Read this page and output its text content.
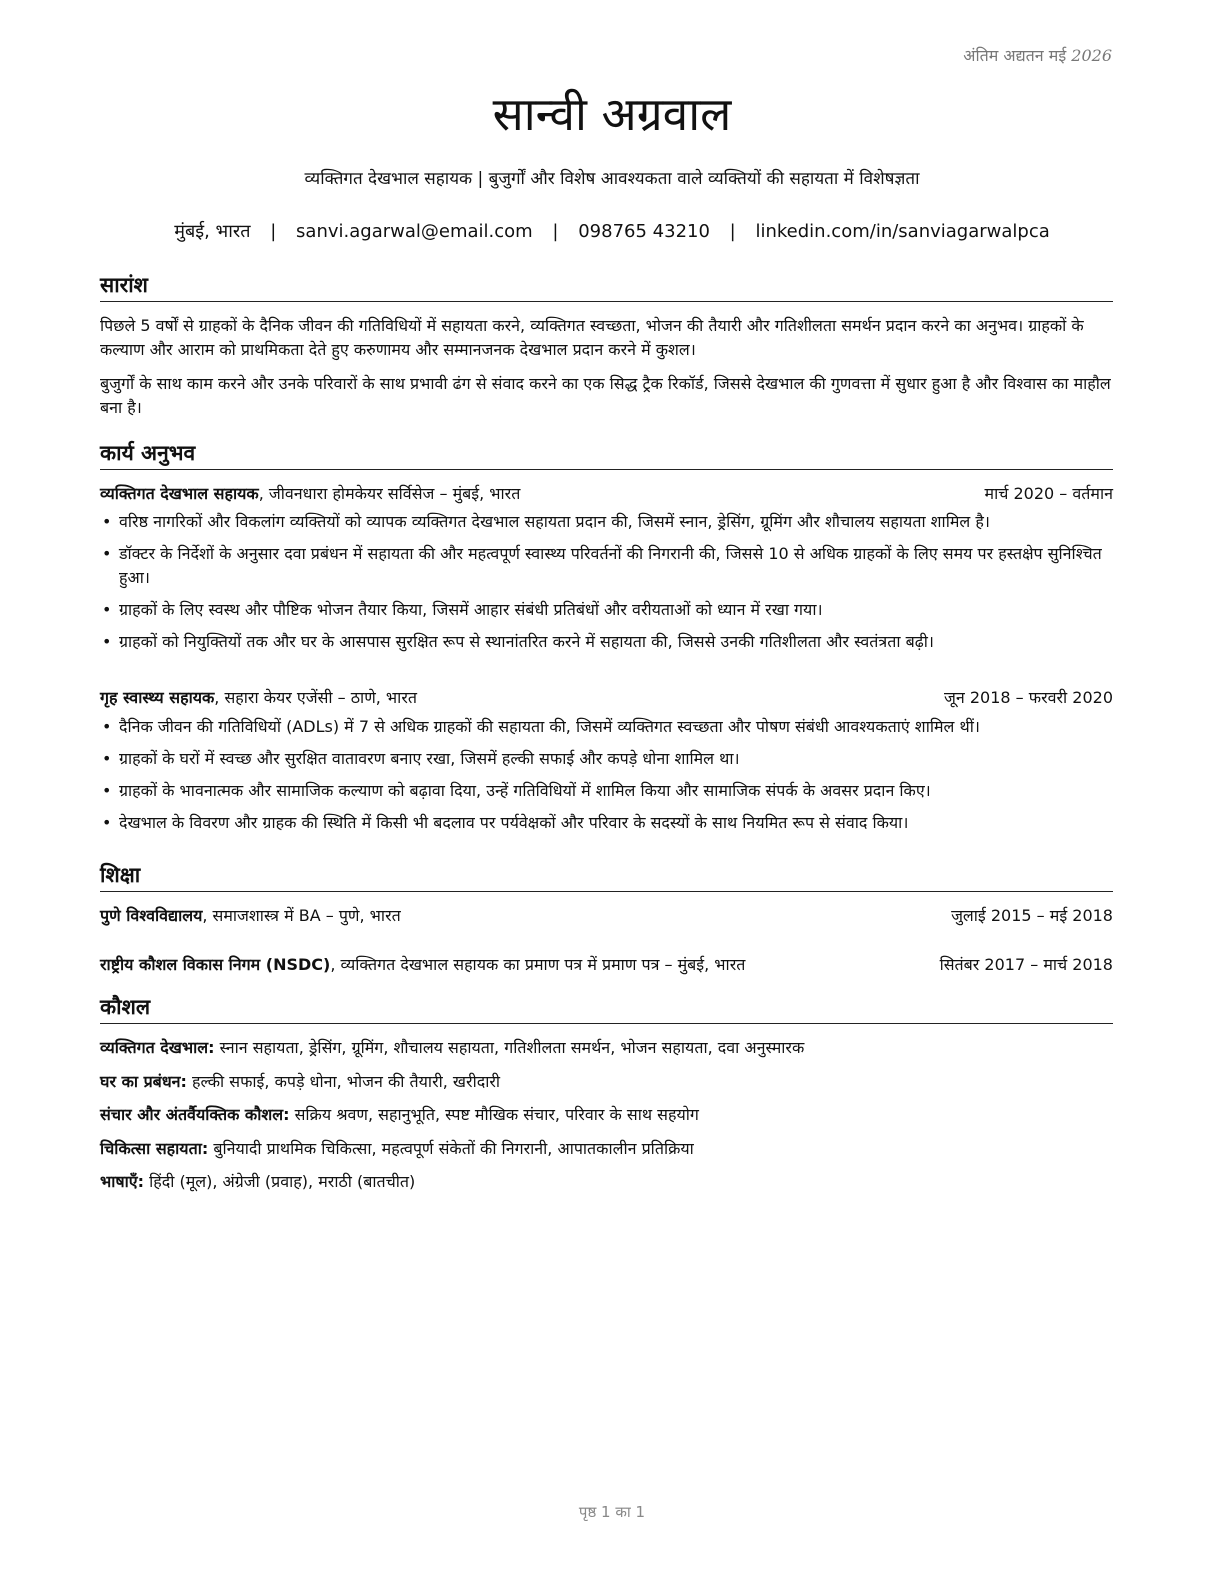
अंतिम अद्यतन मई 2026
सान्वी अग्रवाल
व्यक्तिगत देखभाल सहायक | बुजुर्गों और विशेष आवश्यकता वाले व्यक्तियों की सहायता में विशेषज्ञता
मुंबई, भारत | sanvi.agarwal@email.com | 098765 43210 | linkedin.com/in/sanviagarwalpca
सारांश

पिछले 5 वर्षों से ग्राहकों के दैनिक जीवन की गतिविधियों में सहायता करने, व्यक्तिगत स्वच्छता, भोजन की तैयारी और गतिशीलता समर्थन प्रदान करने का अनुभव। ग्राहकों के कल्याण और आराम को प्राथमिकता देते हुए करुणामय और सम्मानजनक देखभाल प्रदान करने में कुशल।

बुजुर्गों के साथ काम करने और उनके परिवारों के साथ प्रभावी ढंग से संवाद करने का एक सिद्ध ट्रैक रिकॉर्ड, जिससे देखभाल की गुणवत्ता में सुधार हुआ है और विश्वास का माहौल बना है।

कार्य अनुभव
व्यक्तिगत देखभाल सहायक, जीवनधारा होमकेयर सर्विसेज – मुंबई, भारत	मार्च 2020 – वर्तमान
• वरिष्ठ नागरिकों और विकलांग व्यक्तियों को व्यापक व्यक्तिगत देखभाल सहायता प्रदान की, जिसमें स्नान, ड्रेसिंग, ग्रूमिंग और शौचालय सहायता शामिल है।
• डॉक्टर के निर्देशों के अनुसार दवा प्रबंधन में सहायता की और महत्वपूर्ण स्वास्थ्य परिवर्तनों की निगरानी की, जिससे 10 से अधिक ग्राहकों के लिए समय पर हस्तक्षेप सुनिश्चित हुआ।
• ग्राहकों के लिए स्वस्थ और पौष्टिक भोजन तैयार किया, जिसमें आहार संबंधी प्रतिबंधों और वरीयताओं को ध्यान में रखा गया।
• ग्राहकों को नियुक्तियों तक और घर के आसपास सुरक्षित रूप से स्थानांतरित करने में सहायता की, जिससे उनकी गतिशीलता और स्वतंत्रता बढ़ी।
गृह स्वास्थ्य सहायक, सहारा केयर एजेंसी – ठाणे, भारत	जून 2018 – फरवरी 2020
• दैनिक जीवन की गतिविधियों (ADLs) में 7 से अधिक ग्राहकों की सहायता की, जिसमें व्यक्तिगत स्वच्छता और पोषण संबंधी आवश्यकताएं शामिल थीं।
• ग्राहकों के घरों में स्वच्छ और सुरक्षित वातावरण बनाए रखा, जिसमें हल्की सफाई और कपड़े धोना शामिल था।
• ग्राहकों के भावनात्मक और सामाजिक कल्याण को बढ़ावा दिया, उन्हें गतिविधियों में शामिल किया और सामाजिक संपर्क के अवसर प्रदान किए।
• देखभाल के विवरण और ग्राहक की स्थिति में किसी भी बदलाव पर पर्यवेक्षकों और परिवार के सदस्यों के साथ नियमित रूप से संवाद किया।
शिक्षा
पुणे विश्वविद्यालय, समाजशास्त्र में BA – पुणे, भारत	जुलाई 2015 – मई 2018
राष्ट्रीय कौशल विकास निगम (NSDC), व्यक्तिगत देखभाल सहायक का प्रमाण पत्र में प्रमाण पत्र – मुंबई, भारत	सितंबर 2017 – मार्च 2018
कौशल
व्यक्तिगत देखभाल: स्नान सहायता, ड्रेसिंग, ग्रूमिंग, शौचालय सहायता, गतिशीलता समर्थन, भोजन सहायता, दवा अनुस्मारक
घर का प्रबंधन: हल्की सफाई, कपड़े धोना, भोजन की तैयारी, खरीदारी
संचार और अंतर्वैयक्तिक कौशल: सक्रिय श्रवण, सहानुभूति, स्पष्ट मौखिक संचार, परिवार के साथ सहयोग
चिकित्सा सहायता: बुनियादी प्राथमिक चिकित्सा, महत्वपूर्ण संकेतों की निगरानी, आपातकालीन प्रतिक्रिया
भाषाएँ: हिंदी (मूल), अंग्रेजी (प्रवाह), मराठी (बातचीत)
पृष्ठ 1 का 1
